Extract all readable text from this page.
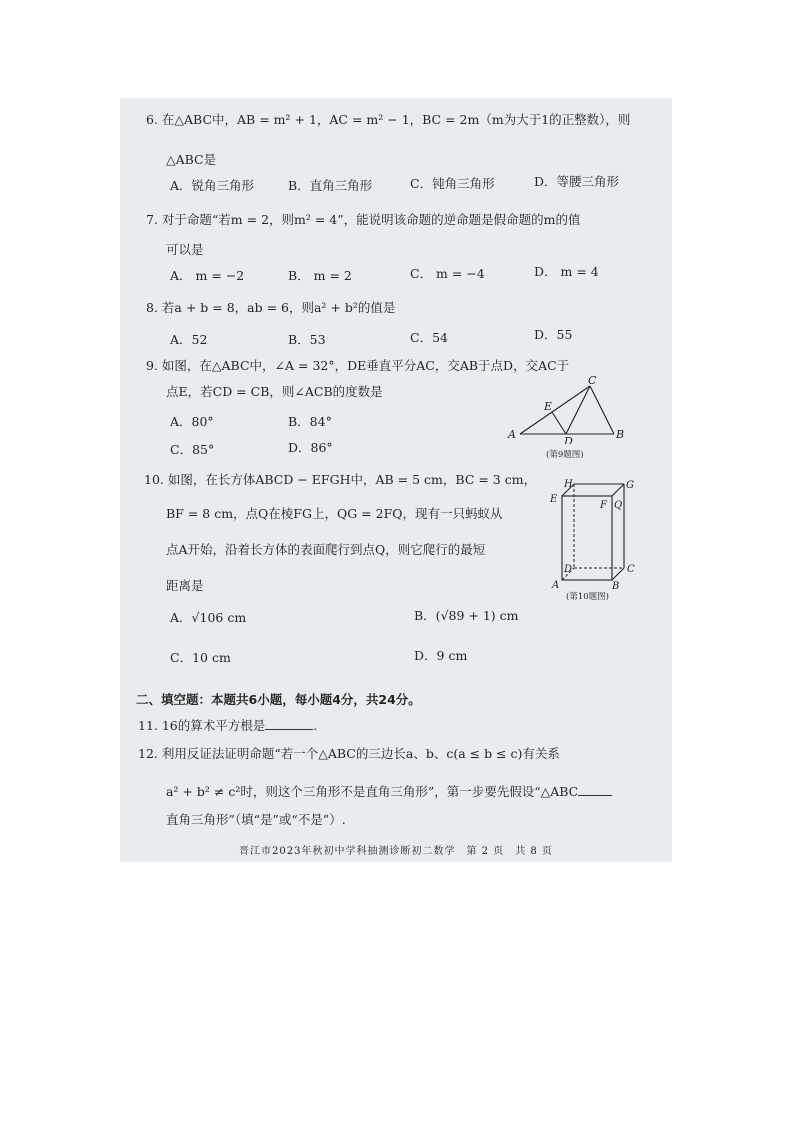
6. 在△ABC中，AB = m² + 1，AC = m² − 1，BC = 2m（m为大于1的正整数），则
△ABC是
A．锐角三角形	B．直角三角形	C．钝角三角形	D．等腰三角形
7. 对于命题“若m = 2，则m² = 4”，能说明该命题的逆命题是假命题的m的值
可以是
A． m = −2	B． m = 2	C． m = −4	D． m = 4
8. 若a + b = 8，ab = 6，则a² + b²的值是
A．52	B．53	C．54	D．55
9. 如图，在△ABC中，∠A = 32°，DE垂直平分AC，交AB于点D，交AC于
点E，若CD = CB，则∠ACB的度数是
A．80°	B．84°
C．85°	D．86°
A	B
C
D
E
(第9题图)
10. 如图，在长方体ABCD − EFGH中，AB = 5 cm，BC = 3 cm，
BF = 8 cm，点Q在棱FG上，QG = 2FQ，现有一只蚂蚁从
点A开始，沿着长方体的表面爬行到点Q，则它爬行的最短
距离是
A．√106 cm	B．(√89 + 1) cm
C．10 cm	D．9 cm
A	B
C
D
E
F
G
H
Q
(第10题图)
二、填空题：本题共6小题，每小题4分，共24分。
11. 16的算术平方根是	.
12. 利用反证法证明命题“若一个△ABC的三边长a、b、c(a ≤ b ≤ c)有关系
a² + b² ≠ c²时，则这个三角形不是直角三角形”，第一步要先假设“△ABC
直角三角形”（填“是”或“不是”）.
晋江市2023年秋初中学科抽测诊断初二数学　第 2 页　共 8 页
